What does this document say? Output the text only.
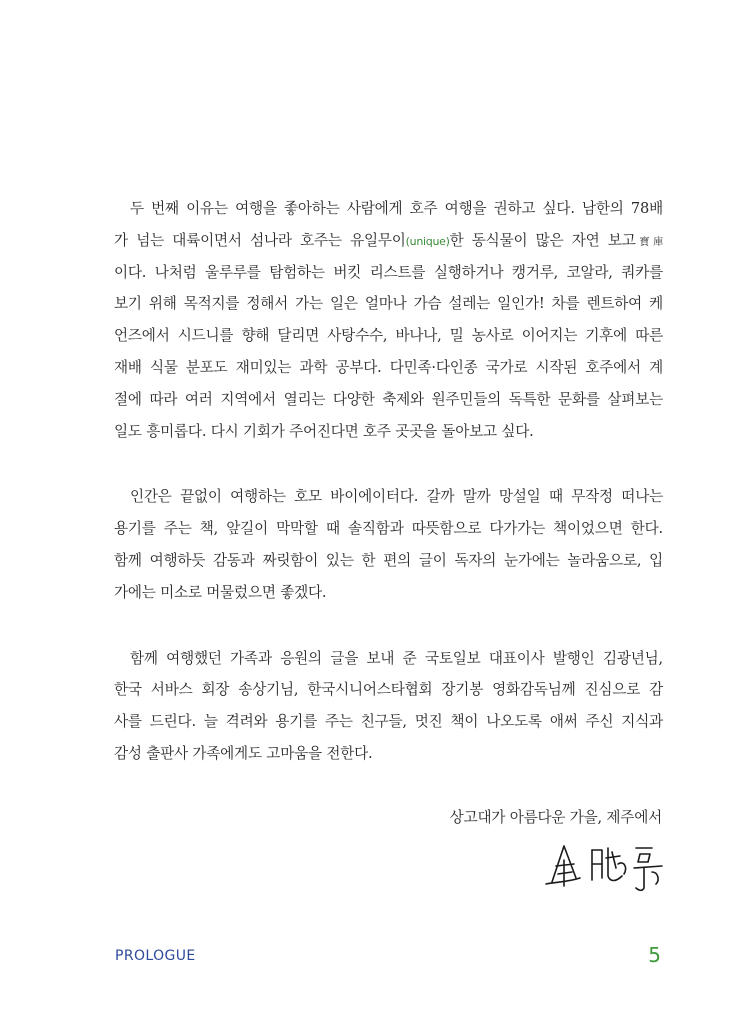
두 번째 이유는 여행을 좋아하는 사람에게 호주 여행을 권하고 싶다. 남한의 78배
가 넘는 대륙이면서 섬나라 호주는 유일무이(unique)한 동식물이 많은 자연 보고寶庫
이다. 나처럼 울루루를 탐험하는 버킷 리스트를 실행하거나 캥거루, 코알라, 쿼카를
보기 위해 목적지를 정해서 가는 일은 얼마나 가슴 설레는 일인가! 차를 렌트하여 케
언즈에서 시드니를 향해 달리면 사탕수수, 바나나, 밀 농사로 이어지는 기후에 따른
재배 식물 분포도 재미있는 과학 공부다. 다민족·다인종 국가로 시작된 호주에서 계
절에 따라 여러 지역에서 열리는 다양한 축제와 원주민들의 독특한 문화를 살펴보는
일도 흥미롭다. 다시 기회가 주어진다면 호주 곳곳을 돌아보고 싶다.
인간은 끝없이 여행하는 호모 바이에이터다. 갈까 말까 망설일 때 무작정 떠나는
용기를 주는 책, 앞길이 막막할 때 솔직함과 따뜻함으로 다가가는 책이었으면 한다.
함께 여행하듯 감동과 짜릿함이 있는 한 편의 글이 독자의 눈가에는 놀라움으로, 입
가에는 미소로 머물렀으면 좋겠다.
함께 여행했던 가족과 응원의 글을 보내 준 국토일보 대표이사 발행인 김광년님,
한국 서바스 회장 송상기님, 한국시니어스타협회 장기봉 영화감독님께 진심으로 감
사를 드린다. 늘 격려와 용기를 주는 친구들, 멋진 책이 나오도록 애써 주신 지식과
감성 출판사 가족에게도 고마움을 전한다.
상고대가 아름다운 가을, 제주에서
PROLOGUE	5
